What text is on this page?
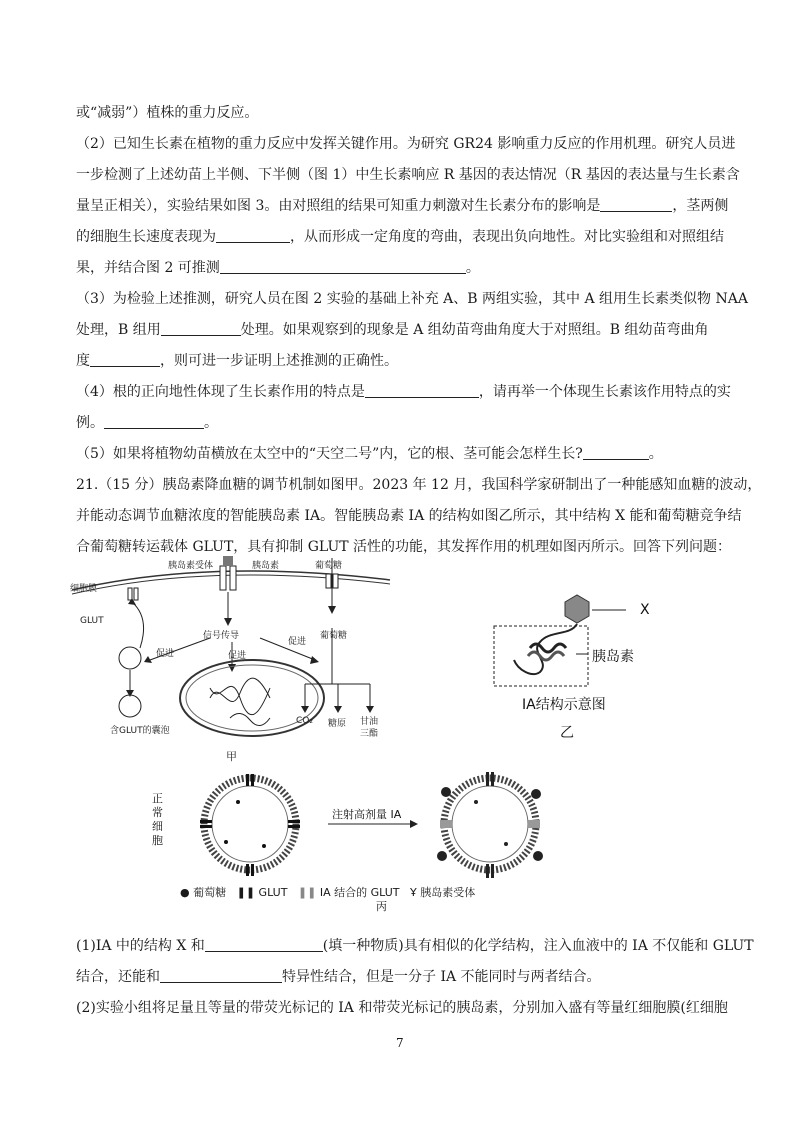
或“减弱”）植株的重力反应。
（2）已知生长素在植物的重力反应中发挥关键作用。为研究 GR24 影响重力反应的作用机理。研究人员进
一步检测了上述幼苗上半侧、下半侧（图 1）中生长素响应 R 基因的表达情况（R 基因的表达量与生长素含
量呈正相关），实验结果如图 3。由对照组的结果可知重力刺激对生长素分布的影响是	，茎两侧
的细胞生长速度表现为	，从而形成一定角度的弯曲，表现出负向地性。对比实验组和对照组结
果，并结合图 2 可推测	。
（3）为检验上述推测，研究人员在图 2 实验的基础上补充 A、B 两组实验，其中 A 组用生长素类似物 NAA
处理，B 组用	处理。如果观察到的现象是 A 组幼苗弯曲角度大于对照组。B 组幼苗弯曲角
度	，则可进一步证明上述推测的正确性。
（4）根的正向地性体现了生长素作用的特点是	，请再举一个体现生长素该作用特点的实
例。	。
（5）如果将植物幼苗横放在太空中的“天空二号”内，它的根、茎可能会怎样生长?	。
21.（15 分）胰岛素降血糖的调节机制如图甲。2023 年 12 月，我国科学家研制出了一种能感知血糖的波动，
并能动态调节血糖浓度的智能胰岛素 IA。智能胰岛素 IA 的结构如图乙所示，其中结构 X 能和葡萄糖竞争结
合葡萄糖转运载体 GLUT，具有抑制 GLUT 活性的功能，其发挥作用的机理如图丙所示。回答下列问题：
细胞膜
胰岛素受体	胰岛素	葡萄糖
GLUT
信号传导	葡萄糖
促进	促进
促进
含GLUT的囊泡
CO₂ 糖原 甘油
三酯
甲
X
胰岛素
IA结构示意图
乙
正常细胞
注射高剂量 IA
● 葡萄糖 ❚❚ GLUT ❚❚ IA 结合的 GLUT Ұ 胰岛素受体
丙
(1)IA 中的结构 X 和	(填一种物质)具有相似的化学结构，注入血液中的 IA 不仅能和 GLUT
结合，还能和	特异性结合，但是一分子 IA 不能同时与两者结合。
(2)实验小组将足量且等量的带荧光标记的 IA 和带荧光标记的胰岛素，分别加入盛有等量红细胞膜(红细胞
7
